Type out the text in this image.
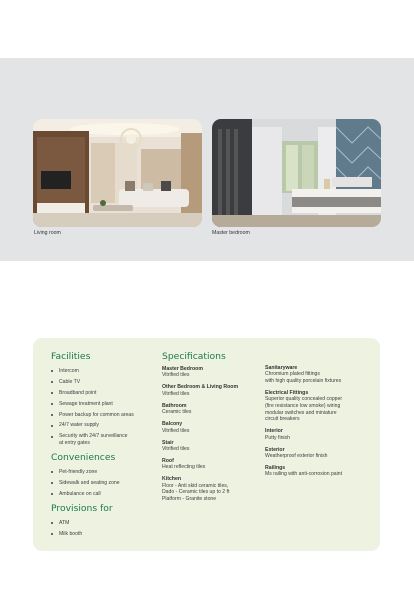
Living room	Master bedroom
Facilities
Intercom
Cable TV
Broadband point
Sewage treatment plant
Power backup for common areas
24/7 water supply
Security with 24/7 surveillance
at entry gates
Conveniences
Pet-friendly zone
Sidewalk and seating zone
Ambulance on call
Provisions for
ATM
Milk booth
Specifications
Master Bedroom
Vitrified tiles
Other Bedroom & Living Room
Vitrified tiles
Bathroom
Ceramic tiles
Balcony
Vitrified tiles
Stair
Vitrified tiles
Roof
Heat reflecting tiles
Kitchen
Floor - Anti skid ceramic tiles,
Dado - Ceramic tiles up to 2 ft
Platform - Granite stone
Sanitaryware
Chromium plated fittings
with high quality porcelain fixtures
Electrical Fittings
Superior quality concealed copper
(fire resistance low smoke) wiring
modular switches and miniature
circuit breakers
Interior
Putty finish
Exterior
Weatherproof exterior finish
Railings
Ms railing with anti-corrosion paint
